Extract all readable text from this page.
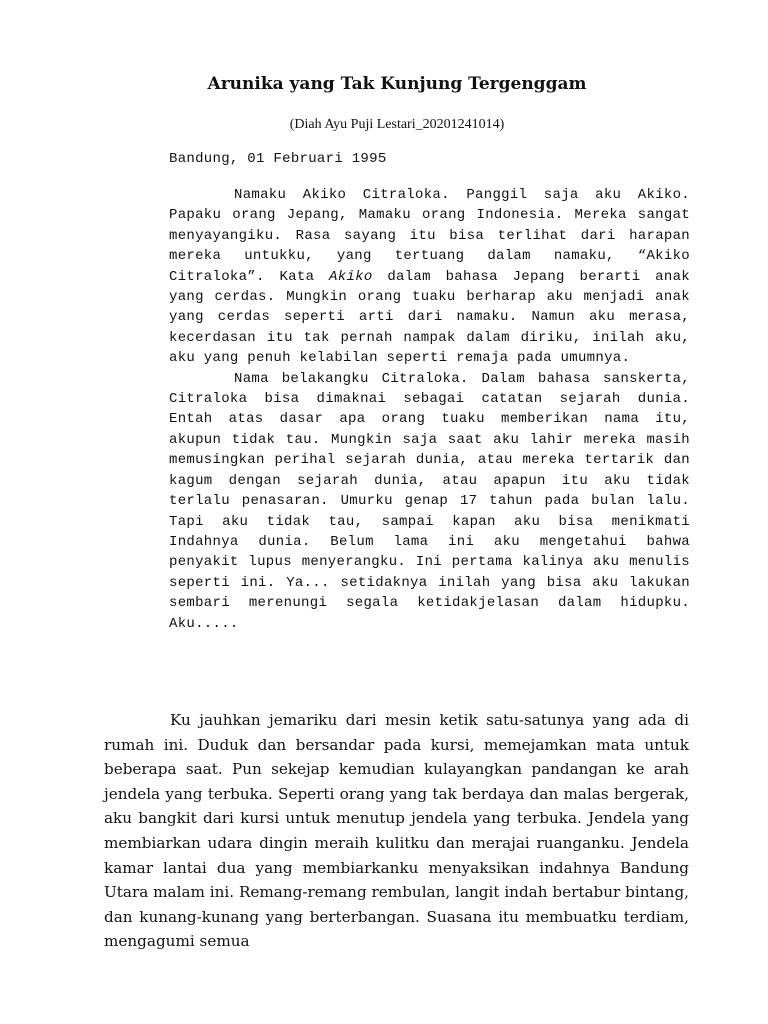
Arunika yang Tak Kunjung Tergenggam
(Diah Ayu Puji Lestari_20201241014)
Bandung, 01 Februari 1995

Namaku Akiko Citraloka. Panggil saja aku Akiko. Papaku orang Jepang, Mamaku orang Indonesia. Mereka sangat menyayangiku. Rasa sayang itu bisa terlihat dari harapan mereka untukku, yang tertuang dalam namaku, “Akiko Citraloka”. Kata Akiko dalam bahasa Jepang berarti anak yang cerdas. Mungkin orang tuaku berharap aku menjadi anak yang cerdas seperti arti dari namaku. Namun aku merasa, kecerdasan itu tak pernah nampak dalam diriku, inilah aku, aku yang penuh kelabilan seperti remaja pada umumnya.

Nama belakangku Citraloka. Dalam bahasa sanskerta, Citraloka bisa dimaknai sebagai catatan sejarah dunia. Entah atas dasar apa orang tuaku memberikan nama itu, akupun tidak tau. Mungkin saja saat aku lahir mereka masih memusingkan perihal sejarah dunia, atau mereka tertarik dan kagum dengan sejarah dunia, atau apapun itu aku tidak terlalu penasaran. Umurku genap 17 tahun pada bulan lalu. Tapi aku tidak tau, sampai kapan aku bisa menikmati Indahnya dunia. Belum lama ini aku mengetahui bahwa penyakit lupus menyerangku. Ini pertama kalinya aku menulis seperti ini. Ya... setidaknya inilah yang bisa aku lakukan sembari merenungi segala ketidakjelasan dalam hidupku. Aku.....

Ku jauhkan jemariku dari mesin ketik satu-satunya yang ada di rumah ini. Duduk dan bersandar pada kursi, memejamkan mata untuk beberapa saat. Pun sekejap kemudian kulayangkan pandangan ke arah jendela yang terbuka. Seperti orang yang tak berdaya dan malas bergerak, aku bangkit dari kursi untuk menutup jendela yang terbuka. Jendela yang membiarkan udara dingin meraih kulitku dan merajai ruanganku. Jendela kamar lantai dua yang membiarkanku menyaksikan indahnya Bandung Utara malam ini. Remang-remang rembulan, langit indah bertabur bintang, dan kunang-kunang yang berterbangan. Suasana itu membuatku terdiam, mengagumi semua
